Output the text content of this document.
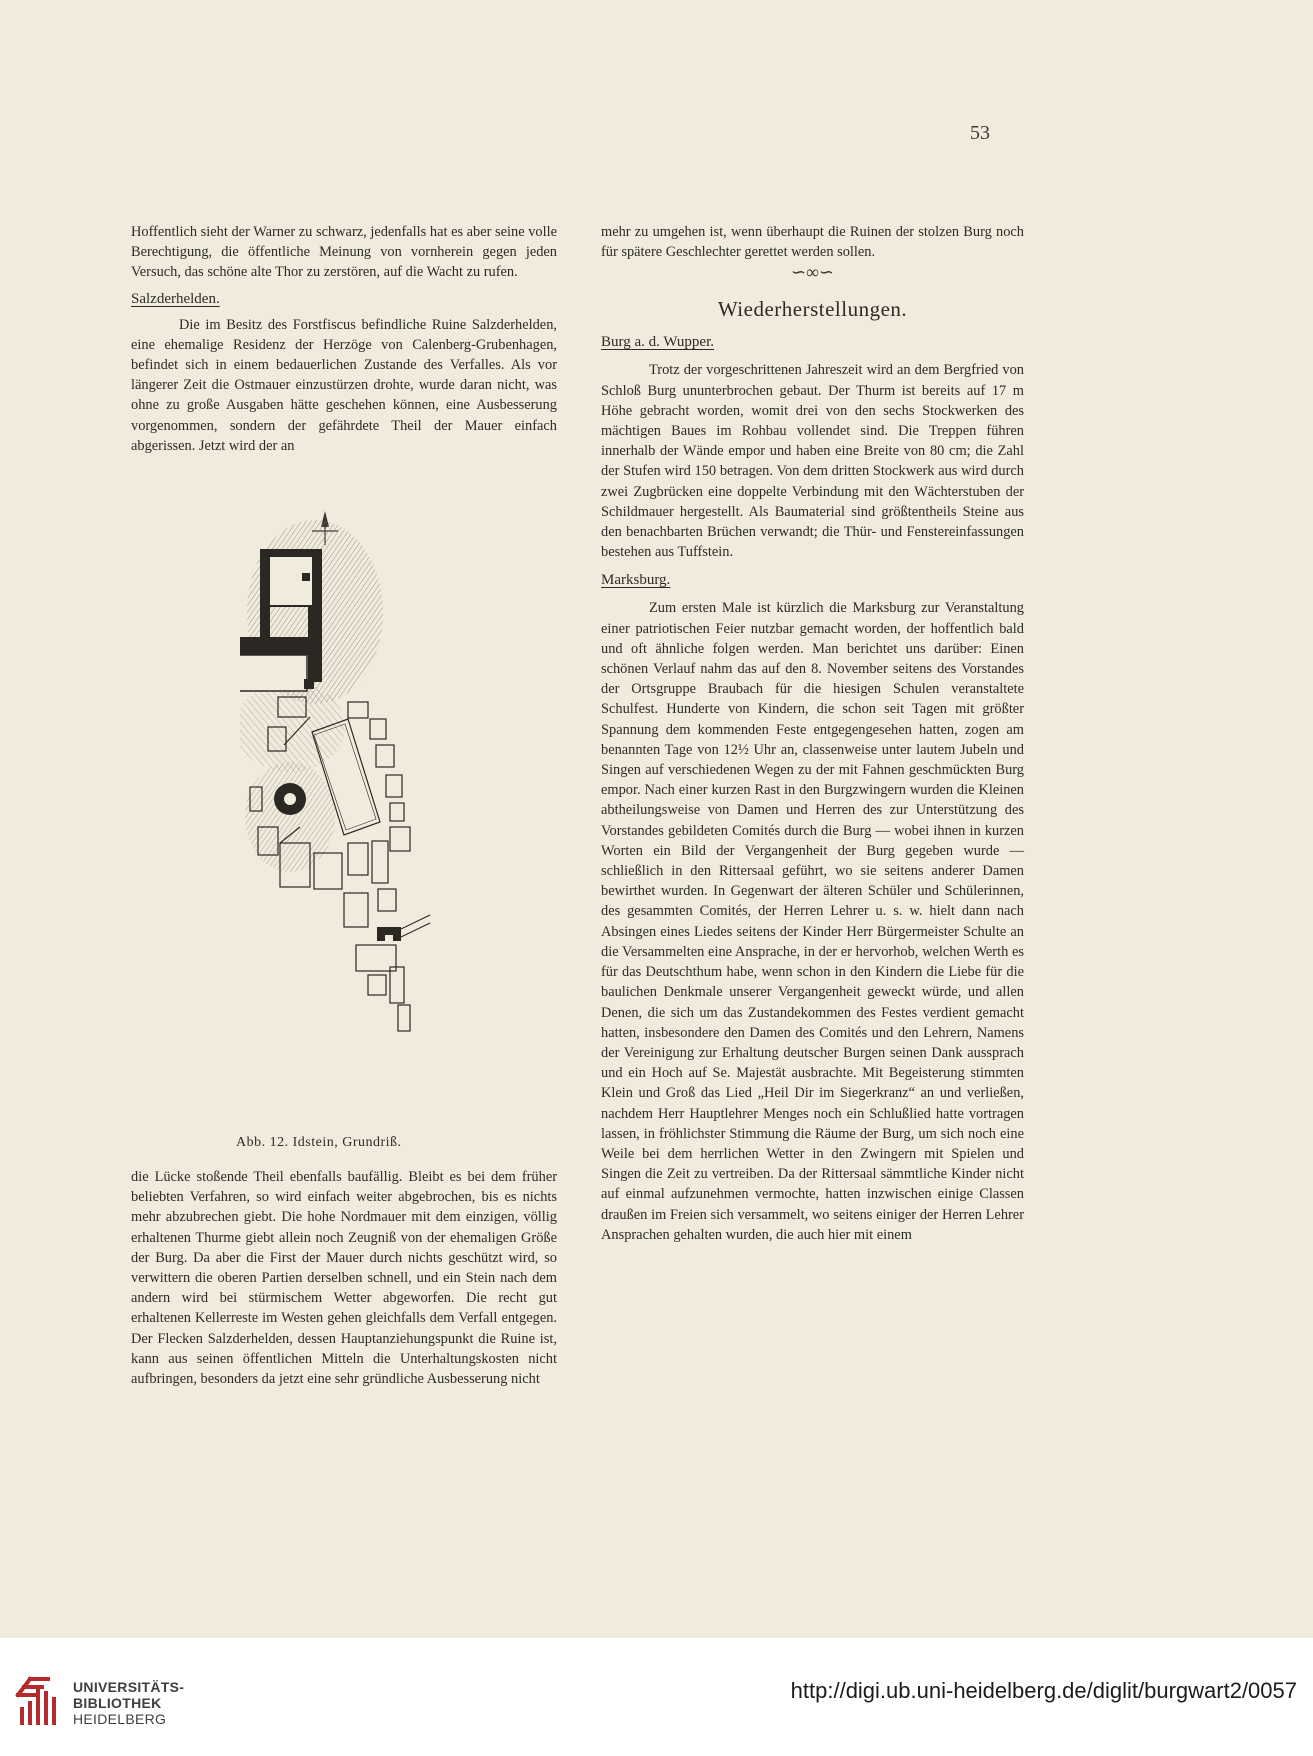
53

Hoffentlich sieht der Warner zu schwarz, jedenfalls hat es aber seine volle Berechtigung, die öffentliche Meinung von vornherein gegen jeden Versuch, das schöne alte Thor zu zerstören, auf die Wacht zu rufen.

Salzderhelden.

Die im Besitz des Forstfiscus befindliche Ruine Salzderhelden, eine ehemalige Residenz der Herzöge von Calenberg-Grubenhagen, befindet sich in einem bedauerlichen Zustande des Verfalles. Als vor längerer Zeit die Ostmauer einzustürzen drohte, wurde daran nicht, was ohne zu große Ausgaben hätte geschehen können, eine Ausbesserung vorgenommen, sondern der gefährdete Theil der Mauer einfach abgerissen. Jetzt wird der an

Abb. 12. Idstein, Grundriß.

die Lücke stoßende Theil ebenfalls baufällig. Bleibt es bei dem früher beliebten Verfahren, so wird einfach weiter abgebrochen, bis es nichts mehr abzubrechen giebt. Die hohe Nordmauer mit dem einzigen, völlig erhaltenen Thurme giebt allein noch Zeugniß von der ehemaligen Größe der Burg. Da aber die First der Mauer durch nichts geschützt wird, so verwittern die oberen Partien derselben schnell, und ein Stein nach dem andern wird bei stürmischem Wetter abgeworfen. Die recht gut erhaltenen Kellerreste im Westen gehen gleichfalls dem Verfall entgegen. Der Flecken Salzderhelden, dessen Hauptanziehungspunkt die Ruine ist, kann aus seinen öffentlichen Mitteln die Unterhaltungskosten nicht aufbringen, besonders da jetzt eine sehr gründliche Ausbesserung nicht

mehr zu umgehen ist, wenn überhaupt die Ruinen der stolzen Burg noch für spätere Geschlechter gerettet werden sollen.

∽∞∽

Wiederherstellungen.

Burg a. d. Wupper.

Trotz der vorgeschrittenen Jahreszeit wird an dem Bergfried von Schloß Burg ununterbrochen gebaut. Der Thurm ist bereits auf 17 m Höhe gebracht worden, womit drei von den sechs Stockwerken des mächtigen Baues im Rohbau vollendet sind. Die Treppen führen innerhalb der Wände empor und haben eine Breite von 80 cm; die Zahl der Stufen wird 150 betragen. Von dem dritten Stockwerk aus wird durch zwei Zugbrücken eine doppelte Verbindung mit den Wächterstuben der Schildmauer hergestellt. Als Baumaterial sind größtentheils Steine aus den benachbarten Brüchen verwandt; die Thür- und Fenstereinfassungen bestehen aus Tuffstein.

Marksburg.

Zum ersten Male ist kürzlich die Marksburg zur Veranstaltung einer patriotischen Feier nutzbar gemacht worden, der hoffentlich bald und oft ähnliche folgen werden. Man berichtet uns darüber: Einen schönen Verlauf nahm das auf den 8. November seitens des Vorstandes der Ortsgruppe Braubach für die hiesigen Schulen veranstaltete Schulfest. Hunderte von Kindern, die schon seit Tagen mit größter Spannung dem kommenden Feste entgegengesehen hatten, zogen am benannten Tage von 12½ Uhr an, classenweise unter lautem Jubeln und Singen auf verschiedenen Wegen zu der mit Fahnen geschmückten Burg empor. Nach einer kurzen Rast in den Burgzwingern wurden die Kleinen abtheilungsweise von Damen und Herren des zur Unterstützung des Vorstandes gebildeten Comités durch die Burg — wobei ihnen in kurzen Worten ein Bild der Vergangenheit der Burg gegeben wurde — schließlich in den Rittersaal geführt, wo sie seitens anderer Damen bewirthet wurden. In Gegenwart der älteren Schüler und Schülerinnen, des gesammten Comités, der Herren Lehrer u. s. w. hielt dann nach Absingen eines Liedes seitens der Kinder Herr Bürgermeister Schulte an die Versammelten eine Ansprache, in der er hervorhob, welchen Werth es für das Deutschthum habe, wenn schon in den Kindern die Liebe für die baulichen Denkmale unserer Vergangenheit geweckt würde, und allen Denen, die sich um das Zustandekommen des Festes verdient gemacht hatten, insbesondere den Damen des Comités und den Lehrern, Namens der Vereinigung zur Erhaltung deutscher Burgen seinen Dank aussprach und ein Hoch auf Se. Majestät ausbrachte. Mit Begeisterung stimmten Klein und Groß das Lied „Heil Dir im Siegerkranz“ an und verließen, nachdem Herr Hauptlehrer Menges noch ein Schlußlied hatte vortragen lassen, in fröhlichster Stimmung die Räume der Burg, um sich noch eine Weile bei dem herrlichen Wetter in den Zwingern mit Spielen und Singen die Zeit zu vertreiben. Da der Rittersaal sämmtliche Kinder nicht auf einmal aufzunehmen vermochte, hatten inzwischen einige Classen draußen im Freien sich versammelt, wo seitens einiger der Herren Lehrer Ansprachen gehalten wurden, die auch hier mit einem

UNIVERSITÄTS-
BIBLIOTHEK
HEIDELBERG
http://digi.ub.uni-heidelberg.de/diglit/burgwart2/0057
